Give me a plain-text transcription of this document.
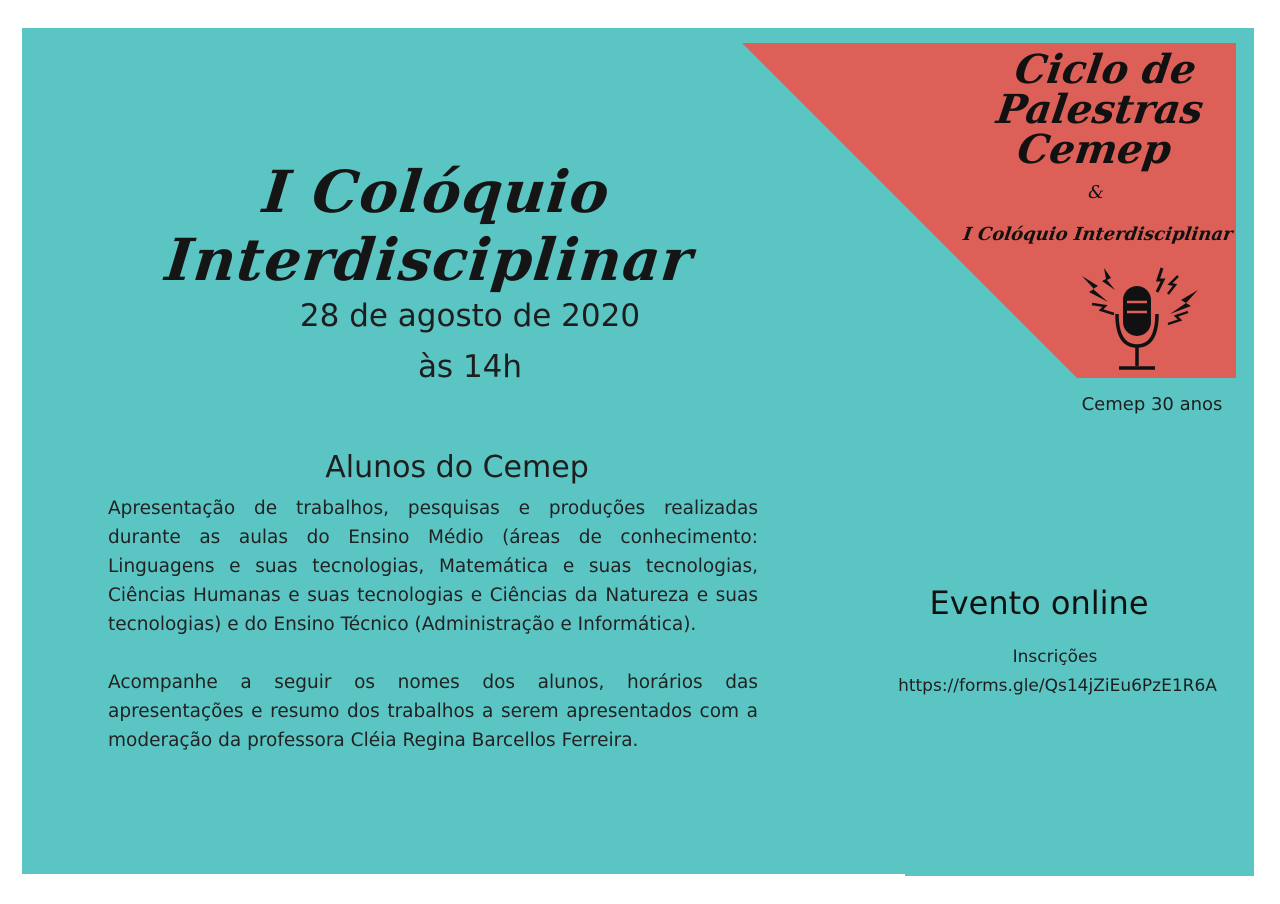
I Colóquio Interdisciplinar
28 de agosto de 2020
às 14h
Alunos do Cemep
Apresentação de trabalhos, pesquisas e produções realizadas durante as aulas do Ensino Médio (áreas de conhecimento: Linguagens e suas tecnologias, Matemática e suas tecnologias, Ciências Humanas e suas tecnologias e Ciências da Natureza e suas tecnologias) e do Ensino Técnico (Administração e Informática).
Acompanhe a seguir os nomes dos alunos, horários das apresentações e resumo dos trabalhos a serem apresentados com a moderação da professora Cléia Regina Barcellos Ferreira.
Ciclo de
Palestras
Cemep
&
I Colóquio Interdisciplinar
Cemep 30 anos
Evento online
Inscrições
https://forms.gle/Qs14jZiEu6PzE1R6A
